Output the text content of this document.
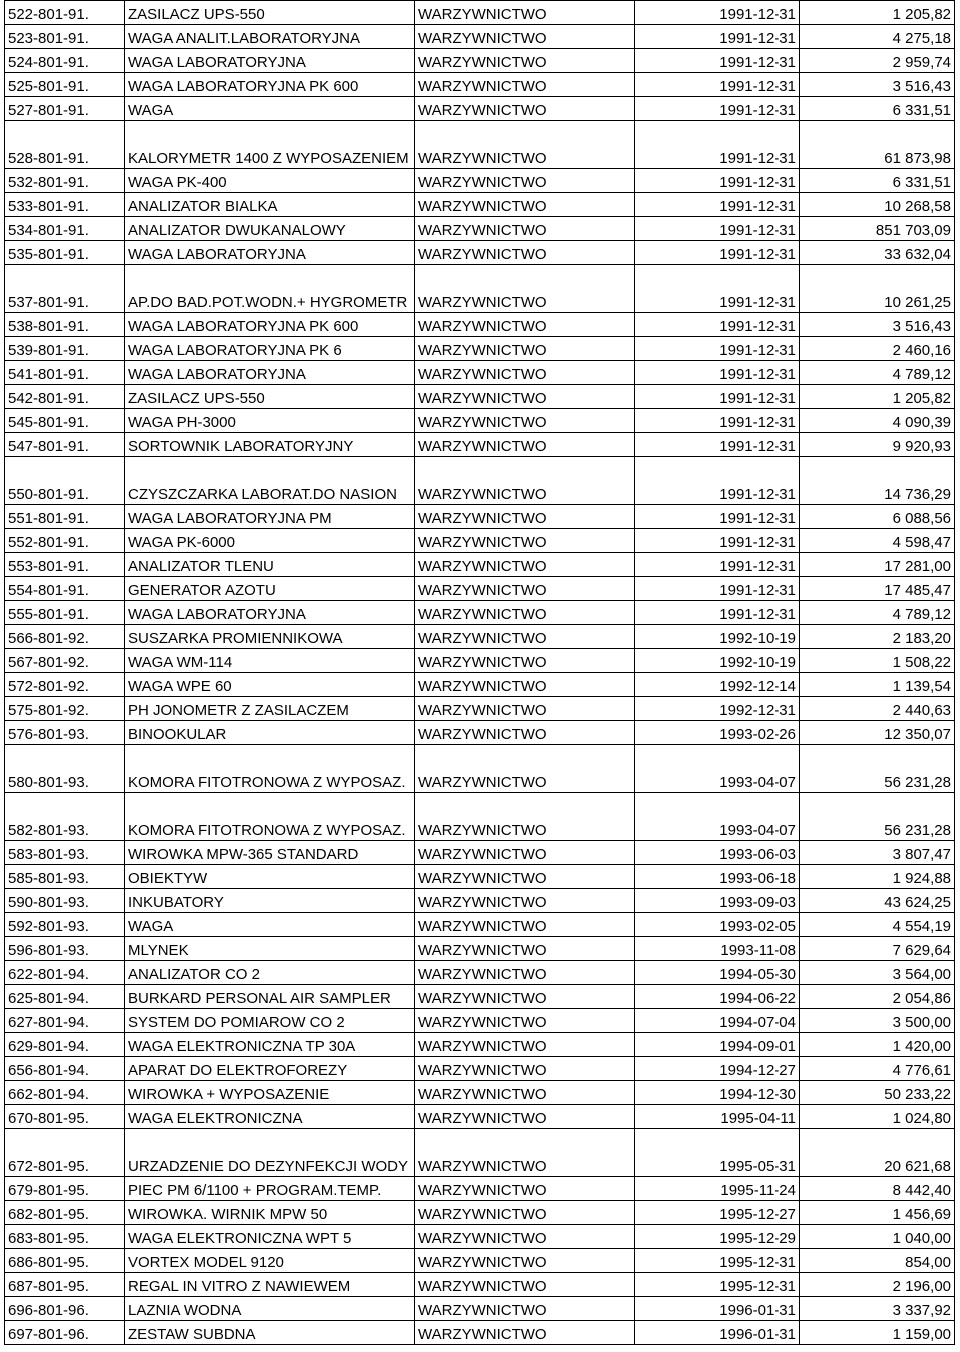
522-801-91.	ZASILACZ UPS-550	WARZYWNICTWO	1991-12-31	1 205,82
523-801-91.	WAGA ANALIT.LABORATORYJNA	WARZYWNICTWO	1991-12-31	4 275,18
524-801-91.	WAGA LABORATORYJNA	WARZYWNICTWO	1991-12-31	2 959,74
525-801-91.	WAGA LABORATORYJNA PK 600	WARZYWNICTWO	1991-12-31	3 516,43
527-801-91.	WAGA	WARZYWNICTWO	1991-12-31	6 331,51
528-801-91.	KALORYMETR 1400 Z WYPOSAZENIEM	WARZYWNICTWO	1991-12-31	61 873,98
532-801-91.	WAGA PK-400	WARZYWNICTWO	1991-12-31	6 331,51
533-801-91.	ANALIZATOR BIALKA	WARZYWNICTWO	1991-12-31	10 268,58
534-801-91.	ANALIZATOR DWUKANALOWY	WARZYWNICTWO	1991-12-31	851 703,09
535-801-91.	WAGA LABORATORYJNA	WARZYWNICTWO	1991-12-31	33 632,04
537-801-91.	AP.DO BAD.POT.WODN.+ HYGROMETR	WARZYWNICTWO	1991-12-31	10 261,25
538-801-91.	WAGA LABORATORYJNA PK 600	WARZYWNICTWO	1991-12-31	3 516,43
539-801-91.	WAGA LABORATORYJNA PK 6	WARZYWNICTWO	1991-12-31	2 460,16
541-801-91.	WAGA LABORATORYJNA	WARZYWNICTWO	1991-12-31	4 789,12
542-801-91.	ZASILACZ UPS-550	WARZYWNICTWO	1991-12-31	1 205,82
545-801-91.	WAGA PH-3000	WARZYWNICTWO	1991-12-31	4 090,39
547-801-91.	SORTOWNIK LABORATORYJNY	WARZYWNICTWO	1991-12-31	9 920,93
550-801-91.	CZYSZCZARKA LABORAT.DO NASION	WARZYWNICTWO	1991-12-31	14 736,29
551-801-91.	WAGA LABORATORYJNA PM	WARZYWNICTWO	1991-12-31	6 088,56
552-801-91.	WAGA PK-6000	WARZYWNICTWO	1991-12-31	4 598,47
553-801-91.	ANALIZATOR TLENU	WARZYWNICTWO	1991-12-31	17 281,00
554-801-91.	GENERATOR AZOTU	WARZYWNICTWO	1991-12-31	17 485,47
555-801-91.	WAGA LABORATORYJNA	WARZYWNICTWO	1991-12-31	4 789,12
566-801-92.	SUSZARKA PROMIENNIKOWA	WARZYWNICTWO	1992-10-19	2 183,20
567-801-92.	WAGA WM-114	WARZYWNICTWO	1992-10-19	1 508,22
572-801-92.	WAGA WPE 60	WARZYWNICTWO	1992-12-14	1 139,54
575-801-92.	PH JONOMETR Z ZASILACZEM	WARZYWNICTWO	1992-12-31	2 440,63
576-801-93.	BINOOKULAR	WARZYWNICTWO	1993-02-26	12 350,07
580-801-93.	KOMORA FITOTRONOWA Z WYPOSAZ.	WARZYWNICTWO	1993-04-07	56 231,28
582-801-93.	KOMORA FITOTRONOWA Z WYPOSAZ.	WARZYWNICTWO	1993-04-07	56 231,28
583-801-93.	WIROWKA MPW-365 STANDARD	WARZYWNICTWO	1993-06-03	3 807,47
585-801-93.	OBIEKTYW	WARZYWNICTWO	1993-06-18	1 924,88
590-801-93.	INKUBATORY	WARZYWNICTWO	1993-09-03	43 624,25
592-801-93.	WAGA	WARZYWNICTWO	1993-02-05	4 554,19
596-801-93.	MLYNEK	WARZYWNICTWO	1993-11-08	7 629,64
622-801-94.	ANALIZATOR CO 2	WARZYWNICTWO	1994-05-30	3 564,00
625-801-94.	BURKARD PERSONAL AIR SAMPLER	WARZYWNICTWO	1994-06-22	2 054,86
627-801-94.	SYSTEM DO POMIAROW CO 2	WARZYWNICTWO	1994-07-04	3 500,00
629-801-94.	WAGA ELEKTRONICZNA TP 30A	WARZYWNICTWO	1994-09-01	1 420,00
656-801-94.	APARAT DO ELEKTROFOREZY	WARZYWNICTWO	1994-12-27	4 776,61
662-801-94.	WIROWKA + WYPOSAZENIE	WARZYWNICTWO	1994-12-30	50 233,22
670-801-95.	WAGA ELEKTRONICZNA	WARZYWNICTWO	1995-04-11	1 024,80
672-801-95.	URZADZENIE DO DEZYNFEKCJI WODY	WARZYWNICTWO	1995-05-31	20 621,68
679-801-95.	PIEC PM 6/1100 + PROGRAM.TEMP.	WARZYWNICTWO	1995-11-24	8 442,40
682-801-95.	WIROWKA. WIRNIK MPW 50	WARZYWNICTWO	1995-12-27	1 456,69
683-801-95.	WAGA ELEKTRONICZNA WPT 5	WARZYWNICTWO	1995-12-29	1 040,00
686-801-95.	VORTEX MODEL 9120	WARZYWNICTWO	1995-12-31	854,00
687-801-95.	REGAL IN VITRO Z NAWIEWEM	WARZYWNICTWO	1995-12-31	2 196,00
696-801-96.	LAZNIA WODNA	WARZYWNICTWO	1996-01-31	3 337,92
697-801-96.	ZESTAW SUBDNA	WARZYWNICTWO	1996-01-31	1 159,00
